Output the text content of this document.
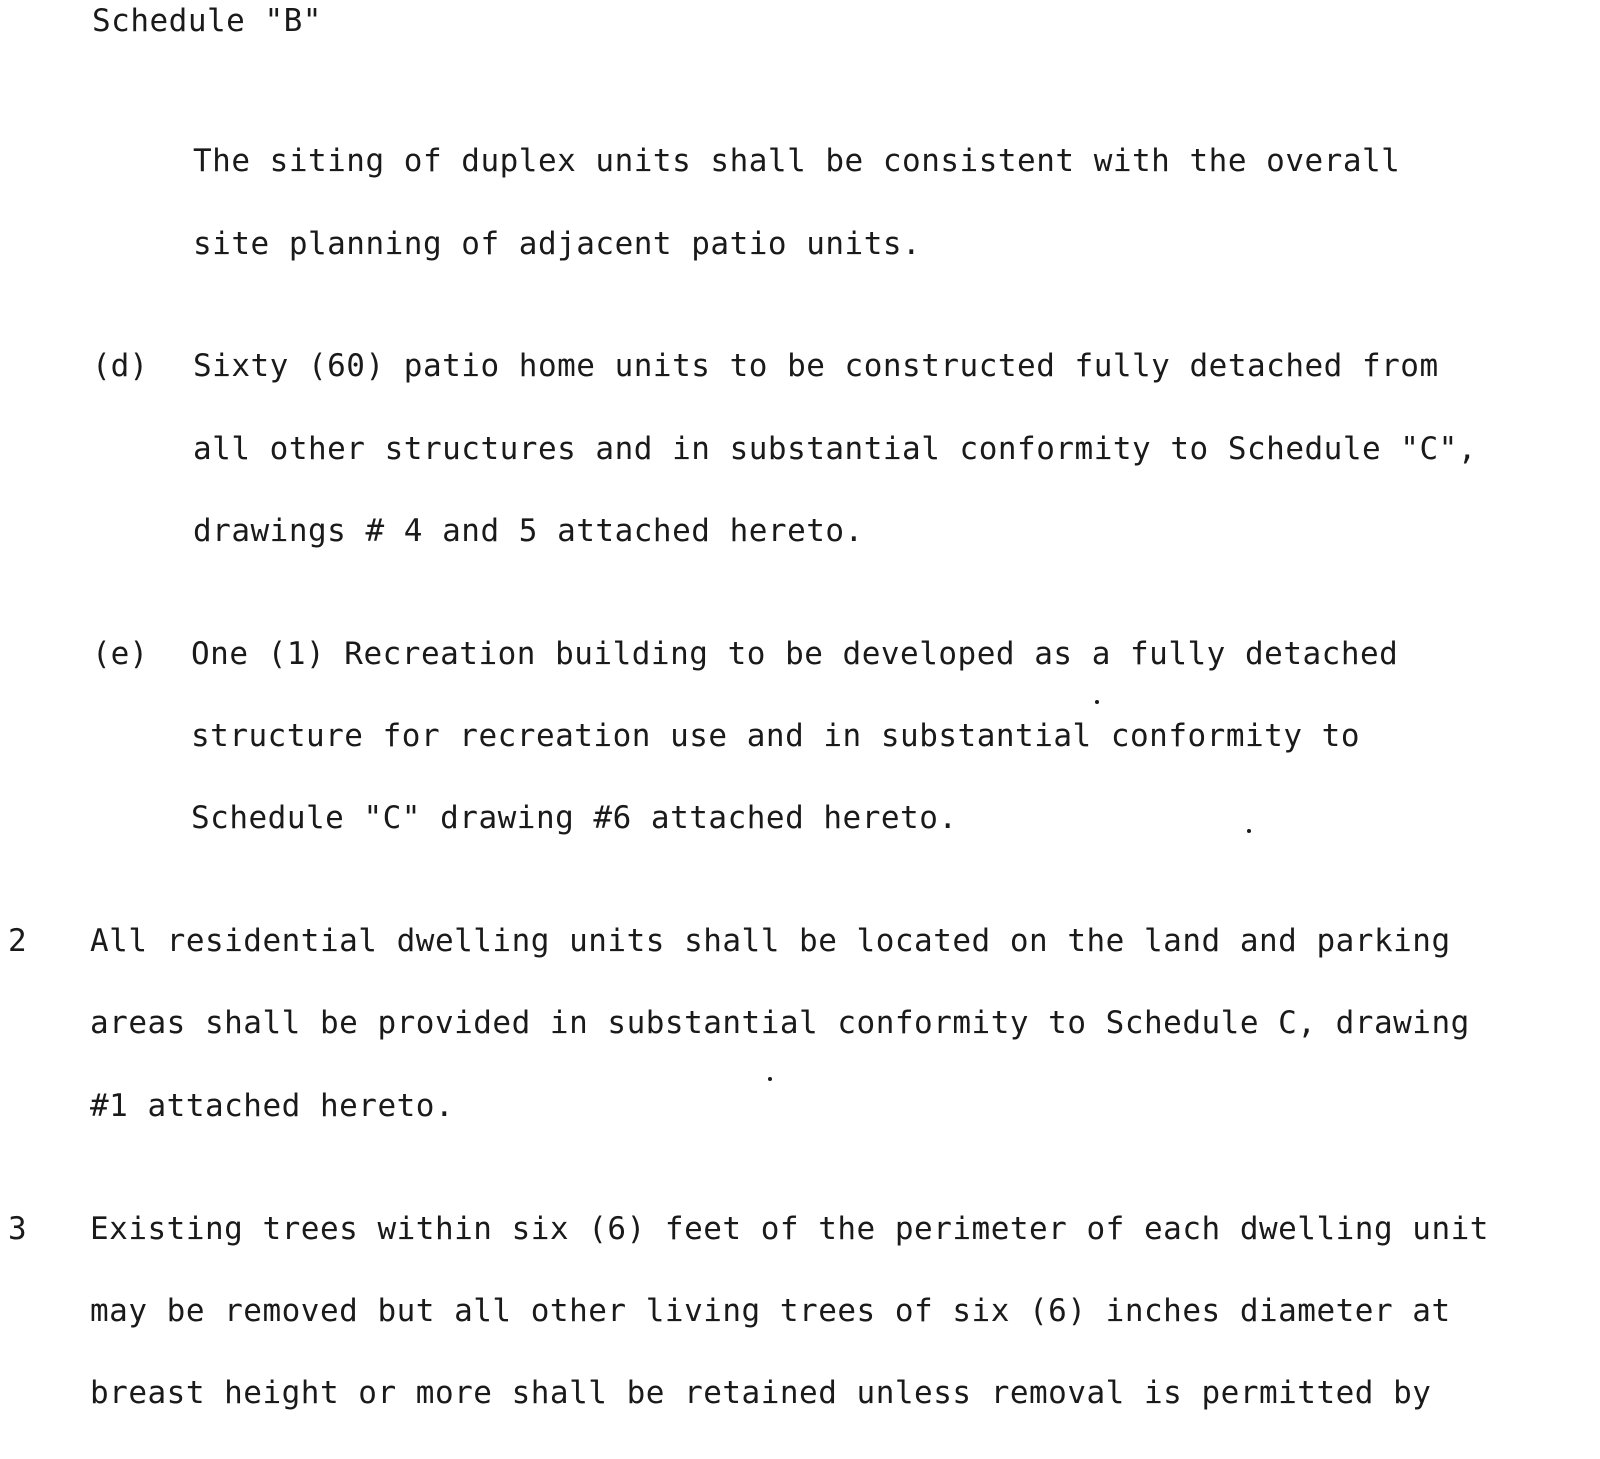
Schedule "B"
The siting of duplex units shall be consistent with the overall
site planning of adjacent patio units.
(d) Sixty (60) patio home units to be constructed fully detached from
all other structures and in substantial conformity to Schedule "C",
drawings # 4 and 5 attached hereto.
(e) One (1) Recreation building to be developed as a fully detached
structure for recreation use and in substantial conformity to
Schedule "C" drawing #6 attached hereto.
2 All residential dwelling units shall be located on the land and parking
areas shall be provided in substantial conformity to Schedule C, drawing
#1 attached hereto.
3 Existing trees within six (6) feet of the perimeter of each dwelling unit
may be removed but all other living trees of six (6) inches diameter at
breast height or more shall be retained unless removal is permitted by
